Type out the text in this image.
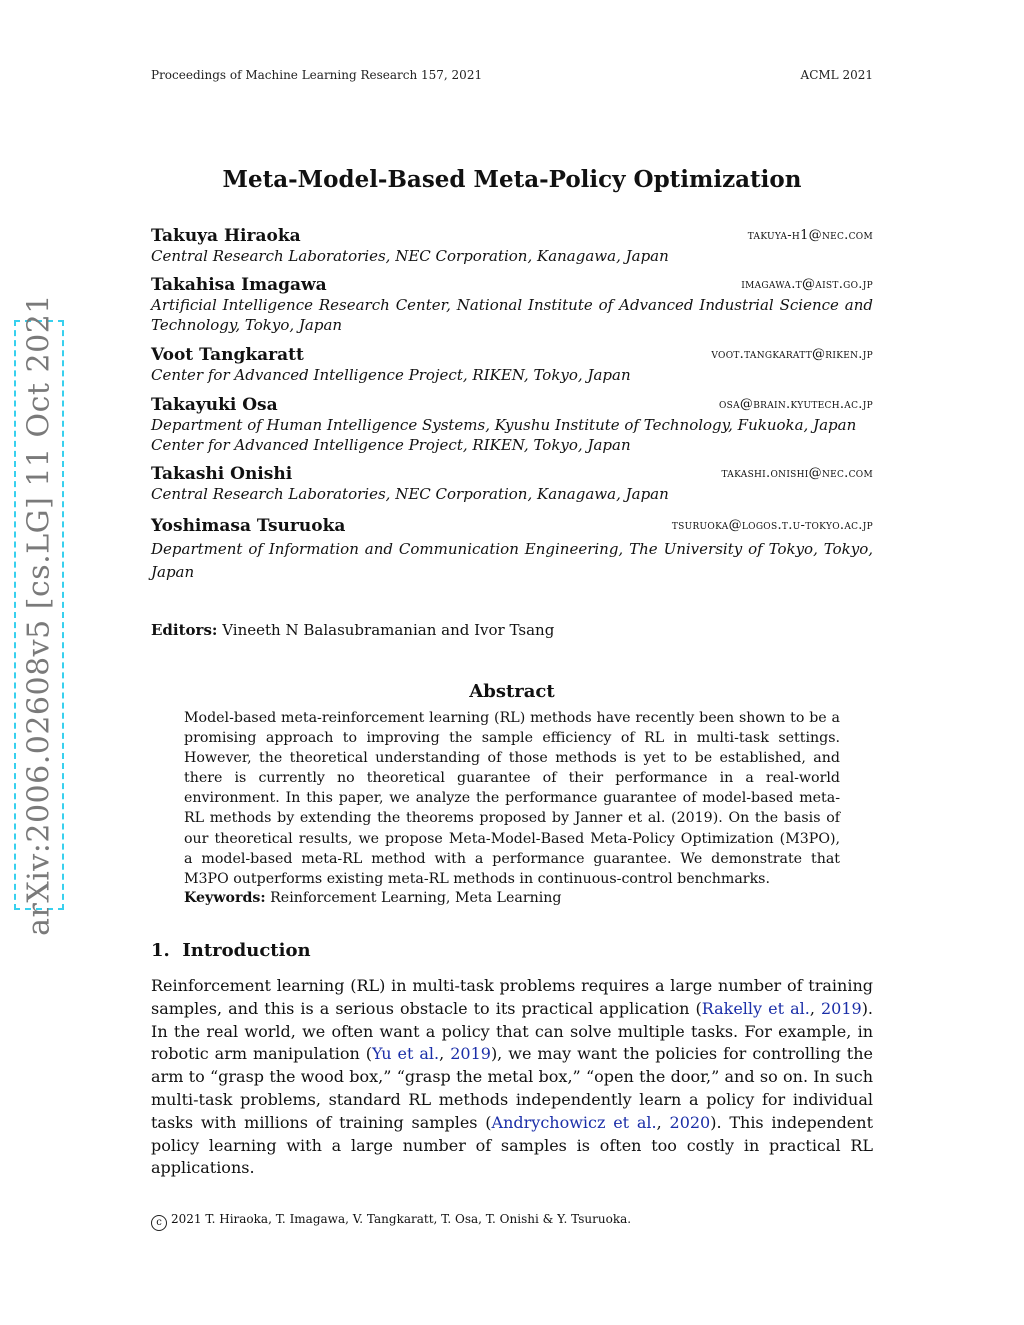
Proceedings of Machine Learning Research 157, 2021	ACML 2021
arXiv:2006.02608v5 [cs.LG] 11 Oct 2021
Meta-Model-Based Meta-Policy Optimization
Takuya Hiraoka	takuya-h1@nec.com
Central Research Laboratories, NEC Corporation, Kanagawa, Japan
Takahisa Imagawa	imagawa.t@aist.go.jp
Artificial Intelligence Research Center, National Institute of Advanced Industrial Science and Technology, Tokyo, Japan
Voot Tangkaratt	voot.tangkaratt@riken.jp
Center for Advanced Intelligence Project, RIKEN, Tokyo, Japan
Takayuki Osa	osa@brain.kyutech.ac.jp
Department of Human Intelligence Systems, Kyushu Institute of Technology, Fukuoka, Japan
Center for Advanced Intelligence Project, RIKEN, Tokyo, Japan
Takashi Onishi	takashi.onishi@nec.com
Central Research Laboratories, NEC Corporation, Kanagawa, Japan
Yoshimasa Tsuruoka	tsuruoka@logos.t.u-tokyo.ac.jp
Department of Information and Communication Engineering, The University of Tokyo, Tokyo, Japan
Editors: Vineeth N Balasubramanian and Ivor Tsang
Abstract
Model-based meta-reinforcement learning (RL) methods have recently been shown to be a promising approach to improving the sample efficiency of RL in multi-task settings. However, the theoretical understanding of those methods is yet to be established, and there is currently no theoretical guarantee of their performance in a real-world environment. In this paper, we analyze the performance guarantee of model-based meta-RL methods by extending the theorems proposed by Janner et al. (2019). On the basis of our theoretical results, we propose Meta-Model-Based Meta-Policy Optimization (M3PO), a model-based meta-RL method with a performance guarantee. We demonstrate that M3PO outperforms existing meta-RL methods in continuous-control benchmarks.
Keywords: Reinforcement Learning, Meta Learning
1. Introduction
Reinforcement learning (RL) in multi-task problems requires a large number of training samples, and this is a serious obstacle to its practical application (Rakelly et al., 2019). In the real world, we often want a policy that can solve multiple tasks. For example, in robotic arm manipulation (Yu et al., 2019), we may want the policies for controlling the arm to “grasp the wood box,” “grasp the metal box,” “open the door,” and so on. In such multi-task problems, standard RL methods independently learn a policy for individual tasks with millions of training samples (Andrychowicz et al., 2020). This independent policy learning with a large number of samples is often too costly in practical RL applications.
c 2021 T. Hiraoka, T. Imagawa, V. Tangkaratt, T. Osa, T. Onishi & Y. Tsuruoka.
